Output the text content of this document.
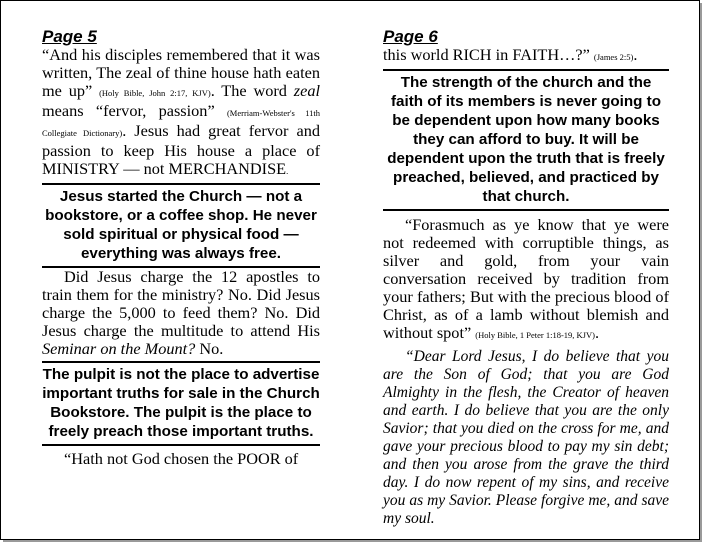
Page 5

“And his disciples remembered that it was written, The zeal of thine house hath eaten me up” (Holy Bible, John 2:17, KJV). The word zeal means “fervor, passion” (Merriam-Webster's 11th Collegiate Dictionary). Jesus had great fervor and passion to keep His house a place of MINISTRY — not MERCHANDISE.

Jesus started the Church — not a bookstore, or a coffee shop. He never sold spiritual or physical food — everything was always free.

Did Jesus charge the 12 apostles to train them for the ministry? No. Did Jesus charge the 5,000 to feed them? No. Did Jesus charge the multitude to attend His Seminar on the Mount? No.

The pulpit is not the place to advertise important truths for sale in the Church Bookstore. The pulpit is the place to freely preach those important truths.

“Hath not God chosen the POOR of

Page 6

this world RICH in FAITH…?” (James 2:5).

The strength of the church and the faith of its members is never going to be dependent upon how many books they can afford to buy. It will be dependent upon the truth that is freely preached, believed, and practiced by that church.

“Forasmuch as ye know that ye were not redeemed with corruptible things, as silver and gold, from your vain conversation received by tradition from your fathers; But with the precious blood of Christ, as of a lamb without blemish and without spot” (Holy Bible, 1 Peter 1:18-19, KJV).

“Dear Lord Jesus, I do believe that you are the Son of God; that you are God Almighty in the flesh, the Creator of heaven and earth. I do believe that you are the only Savior; that you died on the cross for me, and gave your precious blood to pay my sin debt; and then you arose from the grave the third day. I do now repent of my sins, and receive you as my Savior. Please forgive me, and save my soul.
